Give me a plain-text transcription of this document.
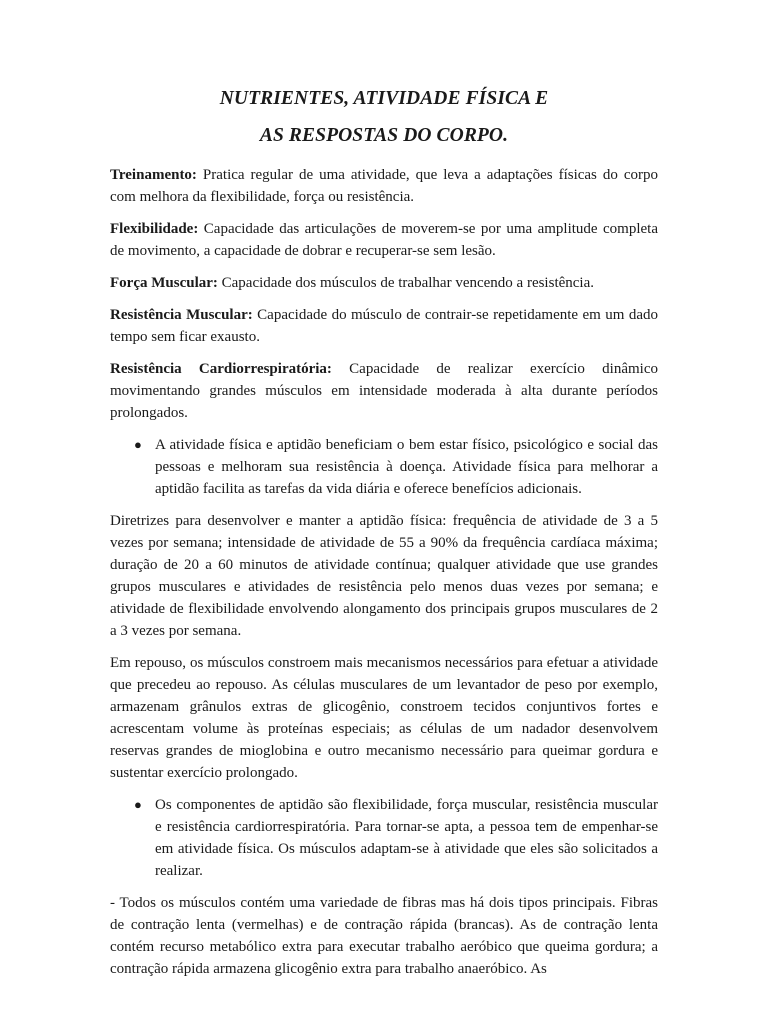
NUTRIENTES, ATIVIDADE FÍSICA E
AS RESPOSTAS DO CORPO.

Treinamento: Pratica regular de uma atividade, que leva a adaptações físicas do corpo com melhora da flexibilidade, força ou resistência.

Flexibilidade: Capacidade das articulações de moverem-se por uma amplitude completa de movimento, a capacidade de dobrar e recuperar-se sem lesão.

Força Muscular: Capacidade dos músculos de trabalhar vencendo a resistência.

Resistência Muscular: Capacidade do músculo de contrair-se repetidamente em um dado tempo sem ficar exausto.

Resistência Cardiorrespiratória: Capacidade de realizar exercício dinâmico movimentando grandes músculos em intensidade moderada à alta durante períodos prolongados.

● A atividade física e aptidão beneficiam o bem estar físico, psicológico e social das pessoas e melhoram sua resistência à doença. Atividade física para melhorar a aptidão facilita as tarefas da vida diária e oferece benefícios adicionais.

Diretrizes para desenvolver e manter a aptidão física: frequência de atividade de 3 a 5 vezes por semana; intensidade de atividade de 55 a 90% da frequência cardíaca máxima; duração de 20 a 60 minutos de atividade contínua; qualquer atividade que use grandes grupos musculares e atividades de resistência pelo menos duas vezes por semana; e atividade de flexibilidade envolvendo alongamento dos principais grupos musculares de 2 a 3 vezes por semana.

Em repouso, os músculos constroem mais mecanismos necessários para efetuar a atividade que precedeu ao repouso. As células musculares de um levantador de peso por exemplo, armazenam grânulos extras de glicogênio, constroem tecidos conjuntivos fortes e acrescentam volume às proteínas especiais; as células de um nadador desenvolvem reservas grandes de mioglobina e outro mecanismo necessário para queimar gordura e sustentar exercício prolongado.

● Os componentes de aptidão são flexibilidade, força muscular, resistência muscular e resistência cardiorrespiratória. Para tornar-se apta, a pessoa tem de empenhar-se em atividade física. Os músculos adaptam-se à atividade que eles são solicitados a realizar.

- Todos os músculos contém uma variedade de fibras mas há dois tipos principais. Fibras de contração lenta (vermelhas) e de contração rápida (brancas). As de contração lenta contém recurso metabólico extra para executar trabalho aeróbico que queima gordura; a contração rápida armazena glicogênio extra para trabalho anaeróbico. As
